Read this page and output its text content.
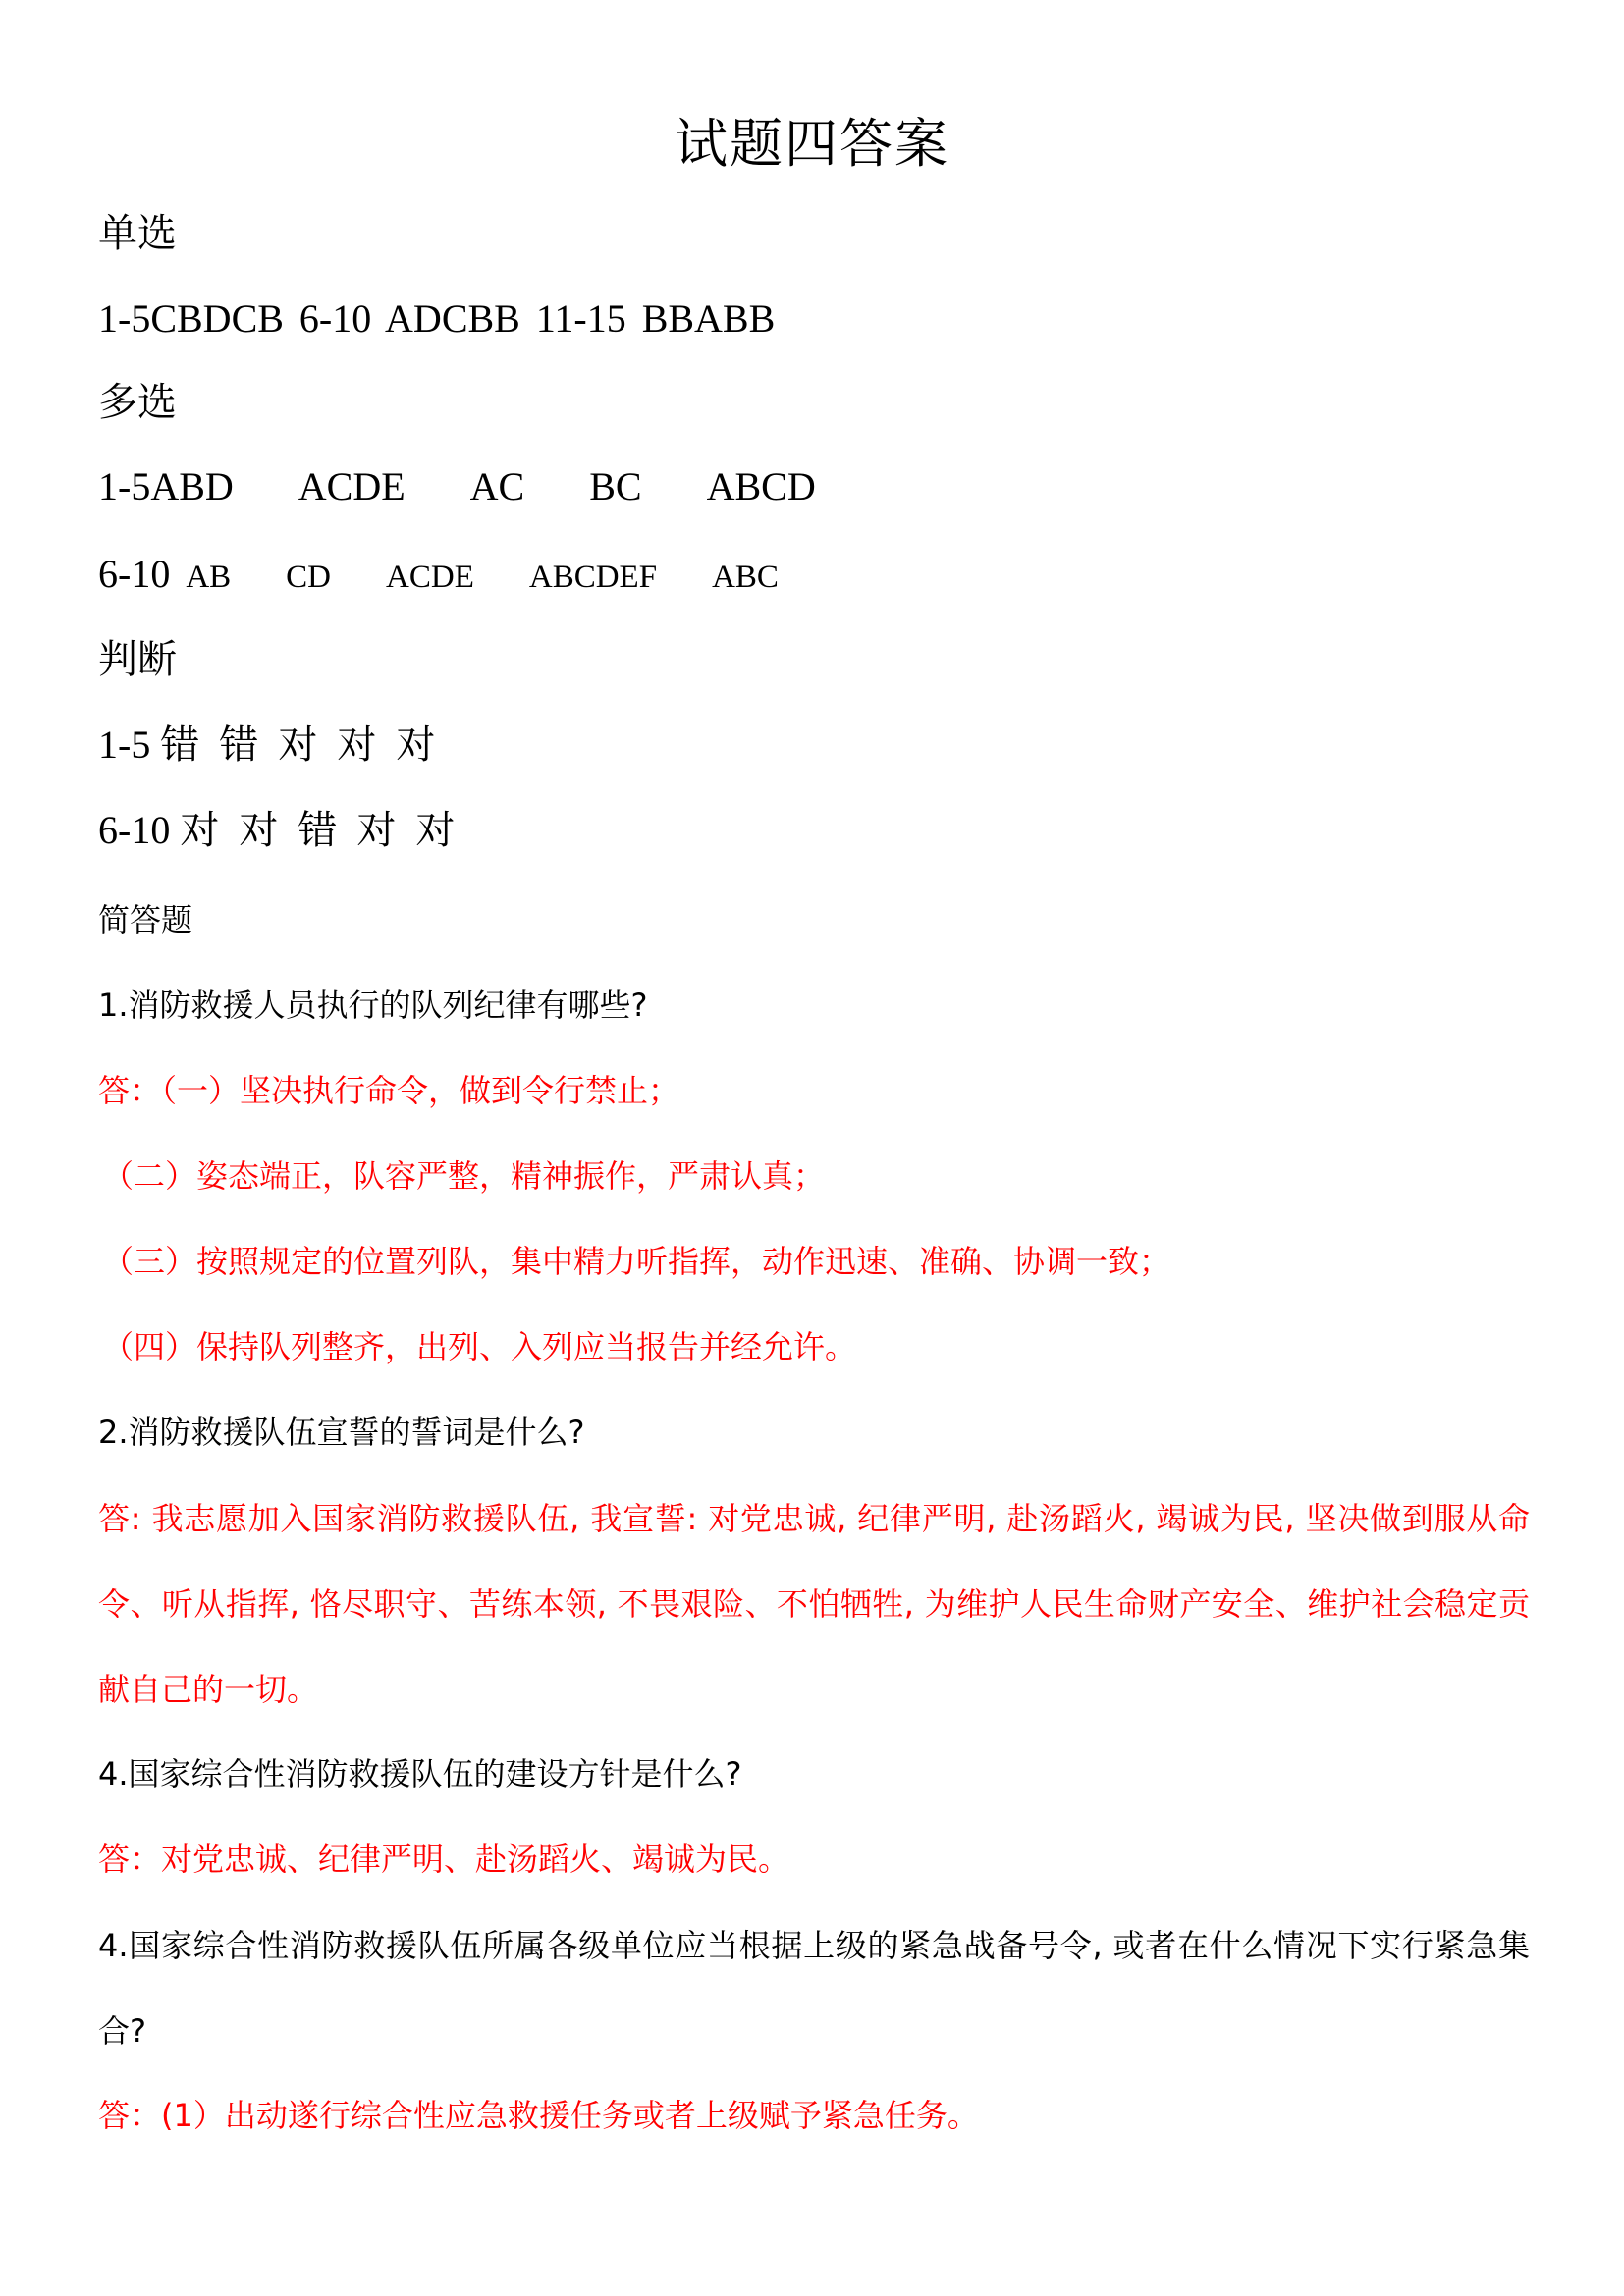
试题四答案
单选
1-5CBDCB 6-10 ADCBB 11-15 BBABB
多选
1-5ABD ACDE AC BC ABCD
6-10 AB CD ACDE ABCDEF ABC
判断
1-5 错  错  对  对  对
6-10 对  对  错  对  对
简答题
1.消防救援人员执行的队列纪律有哪些?
答：（一）坚决执行命令，做到令行禁止；
（二）姿态端正，队容严整，精神振作，严肃认真；
（三）按照规定的位置列队，集中精力听指挥，动作迅速、准确、协调一致；
（四）保持队列整齐，出列、入列应当报告并经允许。
2.消防救援队伍宣誓的誓词是什么?
答: 我志愿加入国家消防救援队伍, 我宣誓: 对党忠诚, 纪律严明, 赴汤蹈火, 竭诚为民, 坚决做到服从命令、听从指挥, 恪尽职守、苦练本领, 不畏艰险、不怕牺牲, 为维护人民生命财产安全、维护社会稳定贡献自己的一切。
4.国家综合性消防救援队伍的建设方针是什么?
答：对党忠诚、纪律严明、赴汤蹈火、竭诚为民。
4.国家综合性消防救援队伍所属各级单位应当根据上级的紧急战备号令, 或者在什么情况下实行紧急集合?
答：(1）出动遂行综合性应急救援任务或者上级赋予紧急任务。
